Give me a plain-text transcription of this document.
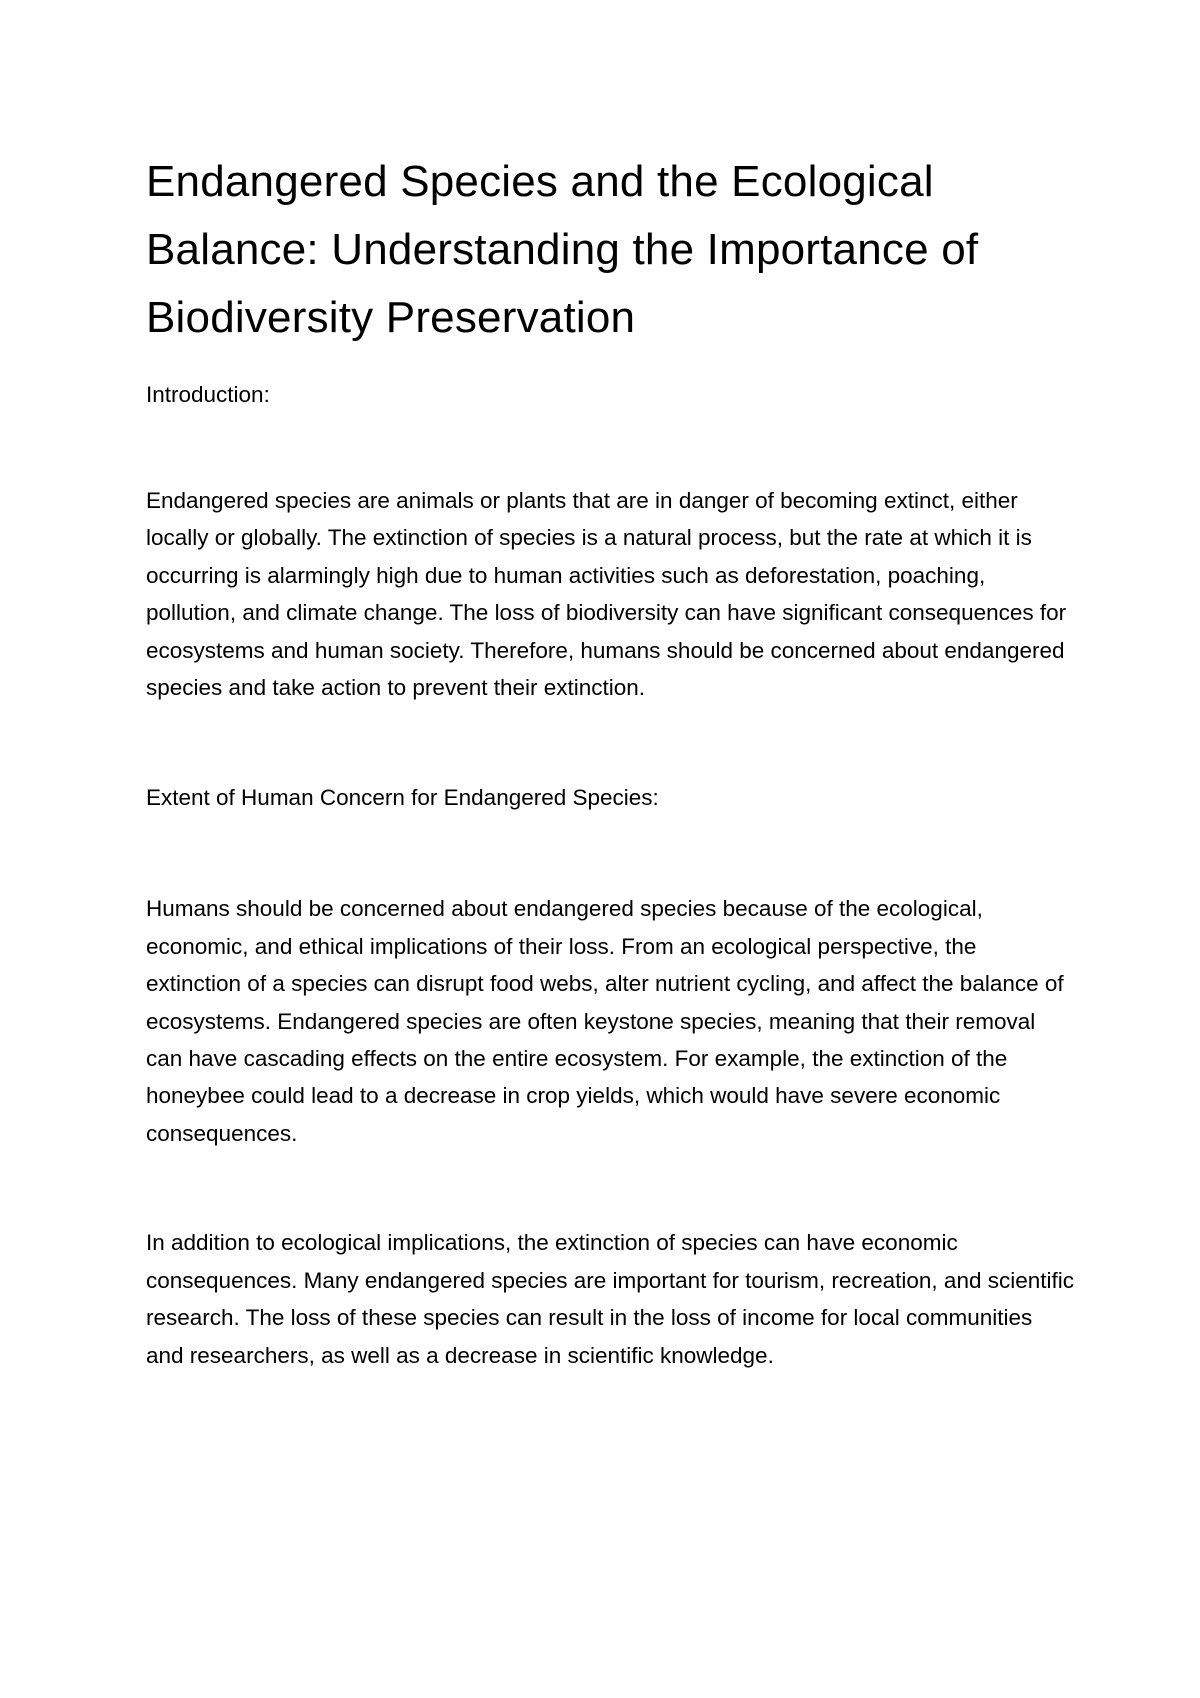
Endangered Species and the Ecological Balance: Understanding the Importance of Biodiversity Preservation
Introduction:

Endangered species are animals or plants that are in danger of becoming extinct, either locally or globally. The extinction of species is a natural process, but the rate at which it is occurring is alarmingly high due to human activities such as deforestation, poaching, pollution, and climate change. The loss of biodiversity can have significant consequences for ecosystems and human society. Therefore, humans should be concerned about endangered species and take action to prevent their extinction.

Extent of Human Concern for Endangered Species:

Humans should be concerned about endangered species because of the ecological, economic, and ethical implications of their loss. From an ecological perspective, the extinction of a species can disrupt food webs, alter nutrient cycling, and affect the balance of ecosystems. Endangered species are often keystone species, meaning that their removal can have cascading effects on the entire ecosystem. For example, the extinction of the honeybee could lead to a decrease in crop yields, which would have severe economic consequences.

In addition to ecological implications, the extinction of species can have economic consequences. Many endangered species are important for tourism, recreation, and scientific research. The loss of these species can result in the loss of income for local communities and researchers, as well as a decrease in scientific knowledge.
